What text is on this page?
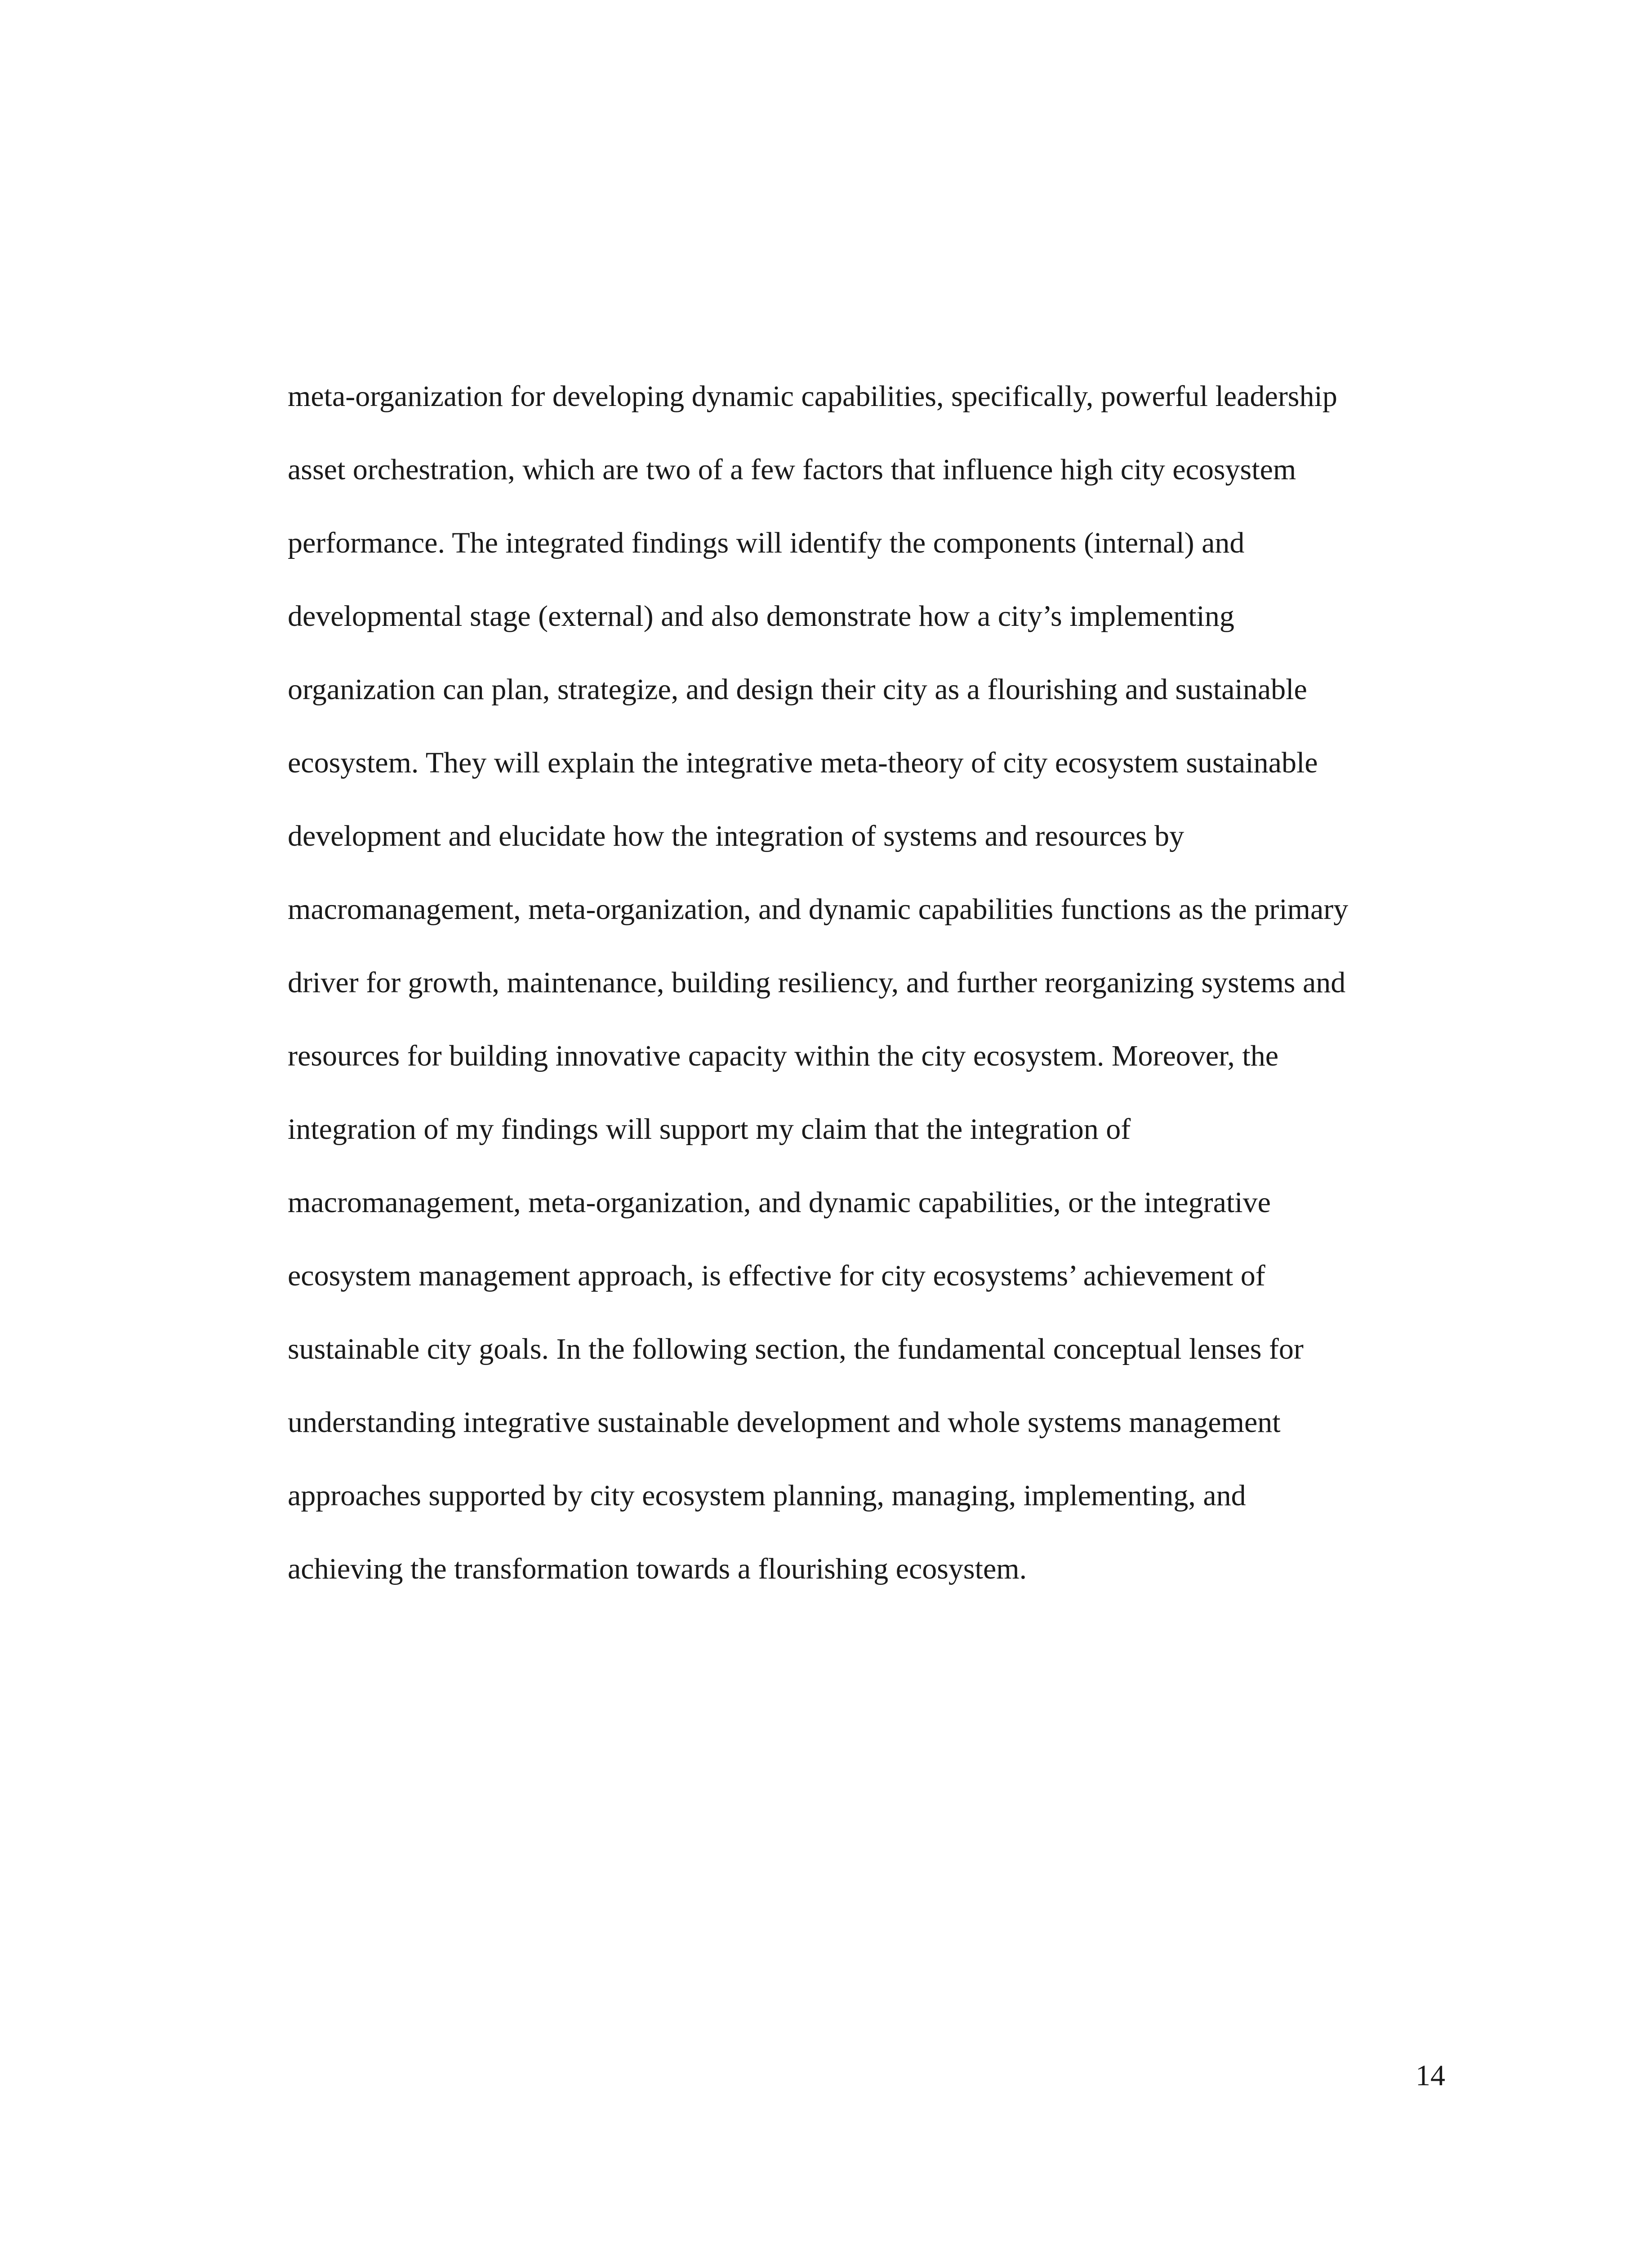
meta-organization for developing dynamic capabilities, specifically, powerful leadership
asset orchestration, which are two of a few factors that influence high city ecosystem
performance. The integrated findings will identify the components (internal) and
developmental stage (external) and also demonstrate how a city’s implementing
organization can plan, strategize, and design their city as a flourishing and sustainable
ecosystem. They will explain the integrative meta-theory of city ecosystem sustainable
development and elucidate how the integration of systems and resources by
macromanagement, meta-organization, and dynamic capabilities functions as the primary
driver for growth, maintenance, building resiliency, and further reorganizing systems and
resources for building innovative capacity within the city ecosystem. Moreover, the
integration of my findings will support my claim that the integration of
macromanagement, meta-organization, and dynamic capabilities, or the integrative
ecosystem management approach, is effective for city ecosystems’ achievement of
sustainable city goals. In the following section, the fundamental conceptual lenses for
understanding integrative sustainable development and whole systems management
approaches supported by city ecosystem planning, managing, implementing, and
achieving the transformation towards a flourishing ecosystem.
14
